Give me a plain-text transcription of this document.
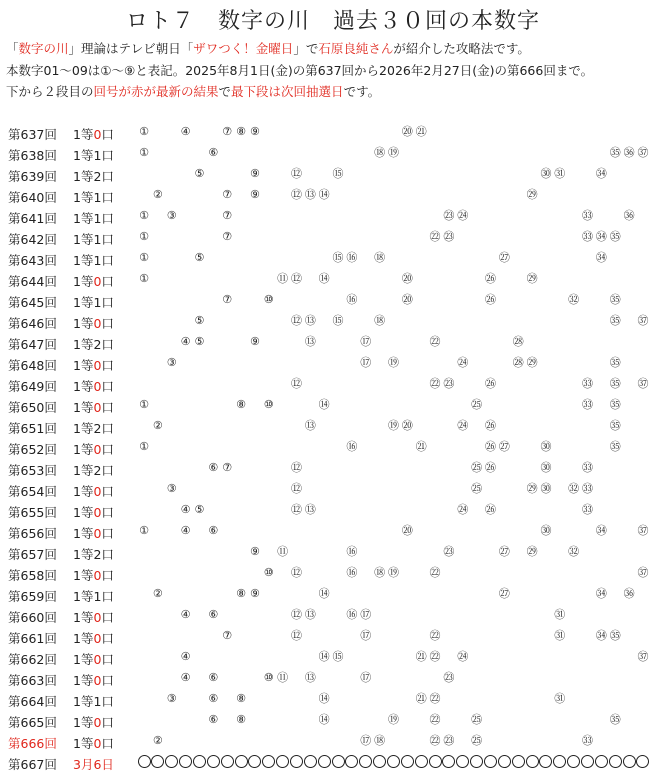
ロト７　数字の川　過去３０回の本数字
「数字の川」理論はテレビ朝日「ザワつく！金曜日」で石原良純さんが紹介した攻略法です。
本数字01〜09は①〜⑨と表記。2025年8月1日(金)の第637回から2026年2月27日(金)の第666回まで。
下から２段目の回号が赤が最新の結果で最下段は次回抽選日です。
第637回 1等0口 ①	④	⑦ ⑧ ⑨	⑳ ㉑
第638回 1等1口 ①	⑥	⑱ ⑲	㉟ ㊱ ㊲
第639回 1等2口	⑤	⑨	⑫	⑮	㉚ ㉛	㉞
第640回 1等1口	②	⑦ ⑨	⑫ ⑬ ⑭	㉙
第641回 1等1口 ① ③	⑦	㉓ ㉔	㉝	㊱
第642回 1等1口 ①	⑦	㉒ ㉓	㉝ ㉞ ㉟
第643回 1等1口 ①	⑤	⑮ ⑯ ⑱	㉗	㉞
第644回 1等0口 ①	⑪ ⑫ ⑭	⑳	㉖	㉙
第645回 1等1口	⑦	⑩	⑯	⑳	㉖	㉜	㉟
第646回 1等0口	⑤	⑫ ⑬ ⑮	⑱	㉟ ㊲
第647回 1等2口	④ ⑤	⑨	⑬	⑰	㉒	㉘
第648回 1等0口	③	⑰ ⑲	㉔	㉘ ㉙	㉟
第649回 1等0口	⑫	㉒ ㉓	㉖	㉝ ㉟ ㊲
第650回 1等0口 ①	⑧ ⑩	⑭	㉕	㉝ ㉟
第651回 1等2口	②	⑬	⑲ ⑳	㉔ ㉖	㉟
第652回 1等0口 ①	⑯	㉑	㉖ ㉗	㉚	㉟
第653回 1等2口	⑥ ⑦	⑫	㉕ ㉖	㉚	㉝
第654回 1等0口	③	⑫	㉕	㉙ ㉚ ㉜ ㉝
第655回 1等0口	④ ⑤	⑫ ⑬	㉔ ㉖	㉝
第656回 1等0口 ①	④ ⑥	⑳	㉚	㉞	㊲
第657回 1等2口	⑨ ⑪	⑯	㉓	㉗ ㉙	㉜
第658回 1等0口	⑩ ⑫	⑯ ⑱ ⑲	㉒	㊲
第659回 1等1口	②	⑧ ⑨	⑭	㉗	㉞ ㊱
第660回 1等0口	④ ⑥	⑫ ⑬	⑯ ⑰	㉛
第661回 1等0口	⑦	⑫	⑰	㉒	㉛	㉞ ㉟
第662回 1等0口	④	⑭ ⑮	㉑ ㉒ ㉔	㊲
第663回 1等0口	④ ⑥	⑩ ⑪ ⑬	⑰	㉓
第664回 1等1口	③	⑥ ⑧	⑭	㉑ ㉒	㉛
第665回 1等0口	⑥ ⑧	⑭	⑲	㉒	㉕	㉟
第666回 1等0口	②	⑰ ⑱	㉒ ㉓ ㉕	㉝
第667回 3月6日
